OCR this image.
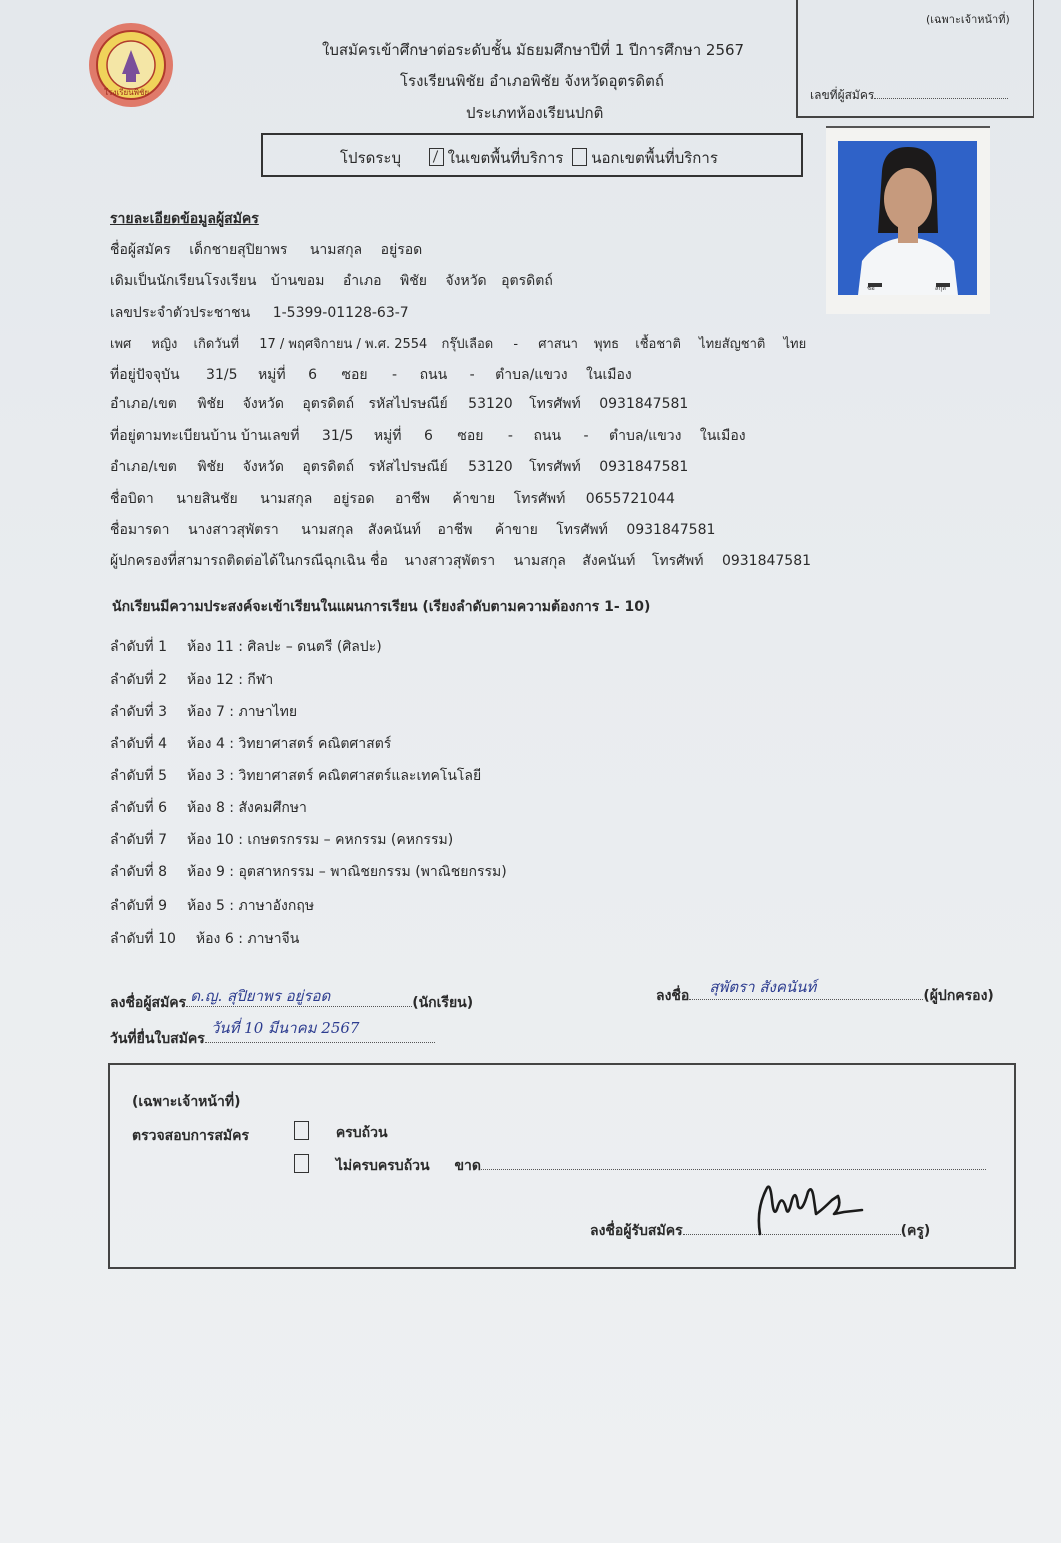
โรงเรียนพิชัย
ใบสมัครเข้าศึกษาต่อระดับชั้น มัธยมศึกษาปีที่ 1 ปีการศึกษา 2567
โรงเรียนพิชัย อำเภอพิชัย จังหวัดอุตรดิตถ์
ประเภทห้องเรียนปกติ
(เฉพาะเจ้าหน้าที่)
เลขที่ผู้สมัคร
โปรดระบุ	ในเขตพื้นที่บริการ นอกเขตพื้นที่บริการ
ชื่อ	สกุล
รายละเอียดข้อมูลผู้สมัคร
ชื่อผู้สมัคร เด็กชายสุปิยาพร นามสกุล อยู่รอด
เดิมเป็นนักเรียนโรงเรียน บ้านขอม อำเภอ พิชัย จังหวัด อุตรดิตถ์
เลขประจำตัวประชาชน 1-5399-01128-63-7
เพศ หญิง เกิดวันที่ 17 / พฤศจิกายน / พ.ศ. 2554 กรุ๊ปเลือด - ศาสนา พุทธ เชื้อชาติ ไทยสัญชาติ ไทย
ที่อยู่ปัจจุบัน 31/5 หมู่ที่ 6 ซอย - ถนน - ตำบล/แขวง ในเมือง
อำเภอ/เขต พิชัย จังหวัด อุตรดิตถ์ รหัสไปรษณีย์ 53120 โทรศัพท์ 0931847581
ที่อยู่ตามทะเบียนบ้าน บ้านเลขที่ 31/5 หมู่ที่ 6 ซอย - ถนน - ตำบล/แขวง ในเมือง
อำเภอ/เขต พิชัย จังหวัด อุตรดิตถ์ รหัสไปรษณีย์ 53120 โทรศัพท์ 0931847581
ชื่อบิดา นายสินชัย นามสกุล อยู่รอด อาชีพ ค้าขาย โทรศัพท์ 0655721044
ชื่อมารดา นางสาวสุพัตรา นามสกุล สังคนันท์ อาชีพ ค้าขาย โทรศัพท์ 0931847581
ผู้ปกครองที่สามารถติดต่อได้ในกรณีฉุกเฉิน ชื่อ นางสาวสุพัตรา นามสกุล สังคนันท์ โทรศัพท์ 0931847581
นักเรียนมีความประสงค์จะเข้าเรียนในแผนการเรียน (เรียงลำดับตามความต้องการ 1- 10)
ลำดับที่ 1 ห้อง 11 : ศิลปะ – ดนตรี (ศิลปะ)
ลำดับที่ 2 ห้อง 12 : กีฬา
ลำดับที่ 3 ห้อง 7 : ภาษาไทย
ลำดับที่ 4 ห้อง 4 : วิทยาศาสตร์ คณิตศาสตร์
ลำดับที่ 5 ห้อง 3 : วิทยาศาสตร์ คณิตศาสตร์และเทคโนโลยี
ลำดับที่ 6 ห้อง 8 : สังคมศึกษา
ลำดับที่ 7 ห้อง 10 : เกษตรกรรม – คหกรรม (คหกรรม)
ลำดับที่ 8 ห้อง 9 : อุตสาหกรรม – พาณิชยกรรม (พาณิชยกรรม)
ลำดับที่ 9 ห้อง 5 : ภาษาอังกฤษ
ลำดับที่ 10 ห้อง 6 : ภาษาจีน
ลงชื่อผู้สมัคร ด.ญ. สุปิยาพร อยู่รอด	(นักเรียน)	ลงชื่อ สุพัตรา สังคนันท์	(ผู้ปกครอง)
วันที่ยื่นใบสมัคร
วันที่ 10 มีนาคม 2567
(เฉพาะเจ้าหน้าที่)
ตรวจสอบการสมัคร	ครบถ้วน
ไม่ครบครบถ้วน ขาด
ลงชื่อผู้รับสมัคร	(ครู)
